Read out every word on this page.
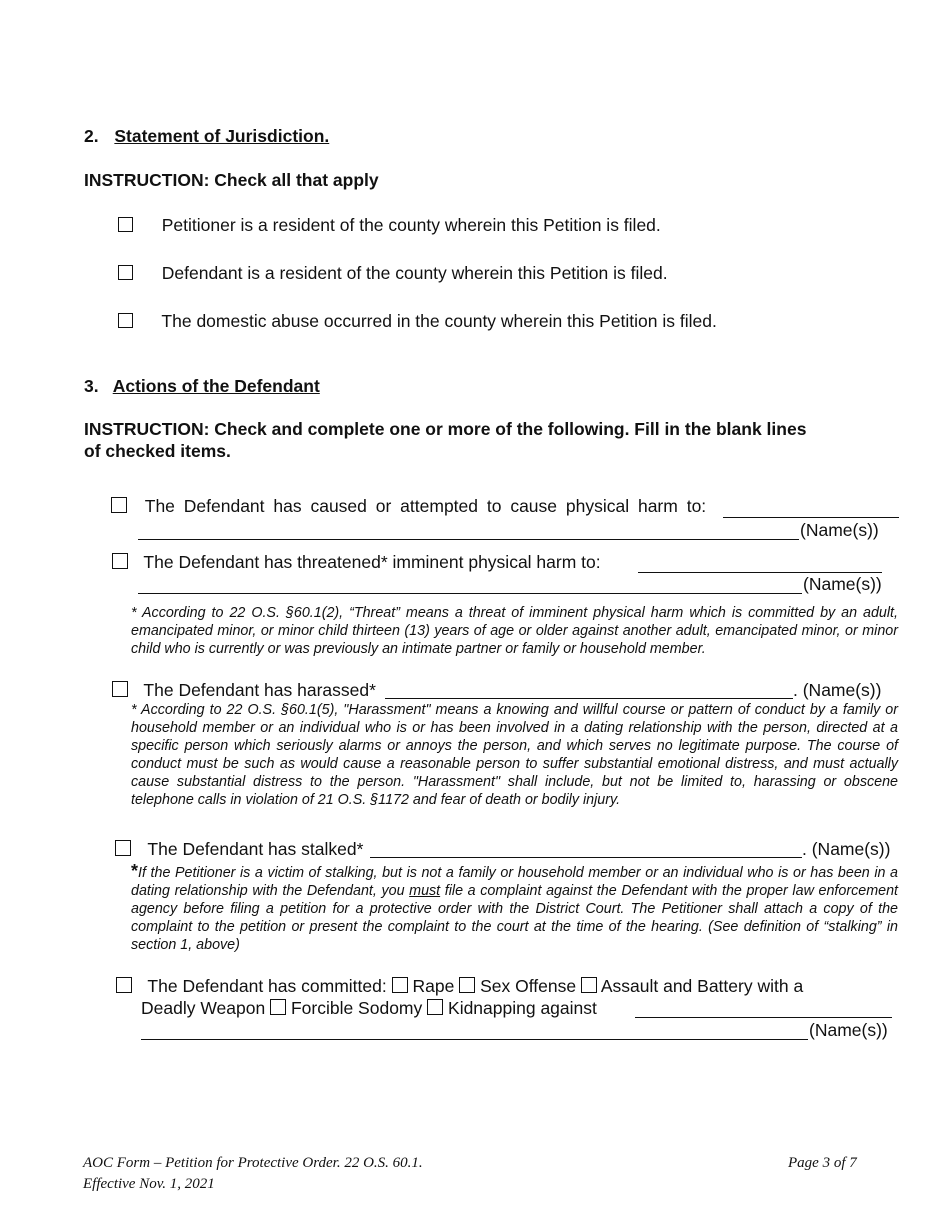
2. Statement of Jurisdiction.
INSTRUCTION: Check all that apply
Petitioner is a resident of the county wherein this Petition is filed.
Defendant is a resident of the county wherein this Petition is filed.
The domestic abuse occurred in the county wherein this Petition is filed.
3. Actions of the Defendant
INSTRUCTION: Check and complete one or more of the following. Fill in the blank lines of checked items.
The Defendant has caused or attempted to cause physical harm to:
(Name(s))
The Defendant has threatened* imminent physical harm to:
(Name(s))
* According to 22 O.S. §60.1(2), “Threat” means a threat of imminent physical harm which is committed by an adult, emancipated minor, or minor child thirteen (13) years of age or older against another adult, emancipated minor, or minor child who is currently or was previously an intimate partner or family or household member.
The Defendant has harassed*	. (Name(s))
* According to 22 O.S. §60.1(5), "Harassment" means a knowing and willful course or pattern of conduct by a family or household member or an individual who is or has been involved in a dating relationship with the person, directed at a specific person which seriously alarms or annoys the person, and which serves no legitimate purpose. The course of conduct must be such as would cause a reasonable person to suffer substantial emotional distress, and must actually cause substantial distress to the person. "Harassment" shall include, but not be limited to, harassing or obscene telephone calls in violation of 21 O.S. §1172 and fear of death or bodily injury.
The Defendant has stalked*	. (Name(s))
*If the Petitioner is a victim of stalking, but is not a family or household member or an individual who is or has been in a dating relationship with the Defendant, you must file a complaint against the Defendant with the proper law enforcement agency before filing a petition for a protective order with the District Court. The Petitioner shall attach a copy of the complaint to the petition or present the complaint to the court at the time of the hearing. (See definition of “stalking” in section 1, above)
The Defendant has committed: Rape Sex Offense Assault and Battery with a
Deadly Weapon Forcible Sodomy Kidnapping against
(Name(s))
AOC Form – Petition for Protective Order. 22 O.S. 60.1.
Effective Nov. 1, 2021
Page 3 of 7
